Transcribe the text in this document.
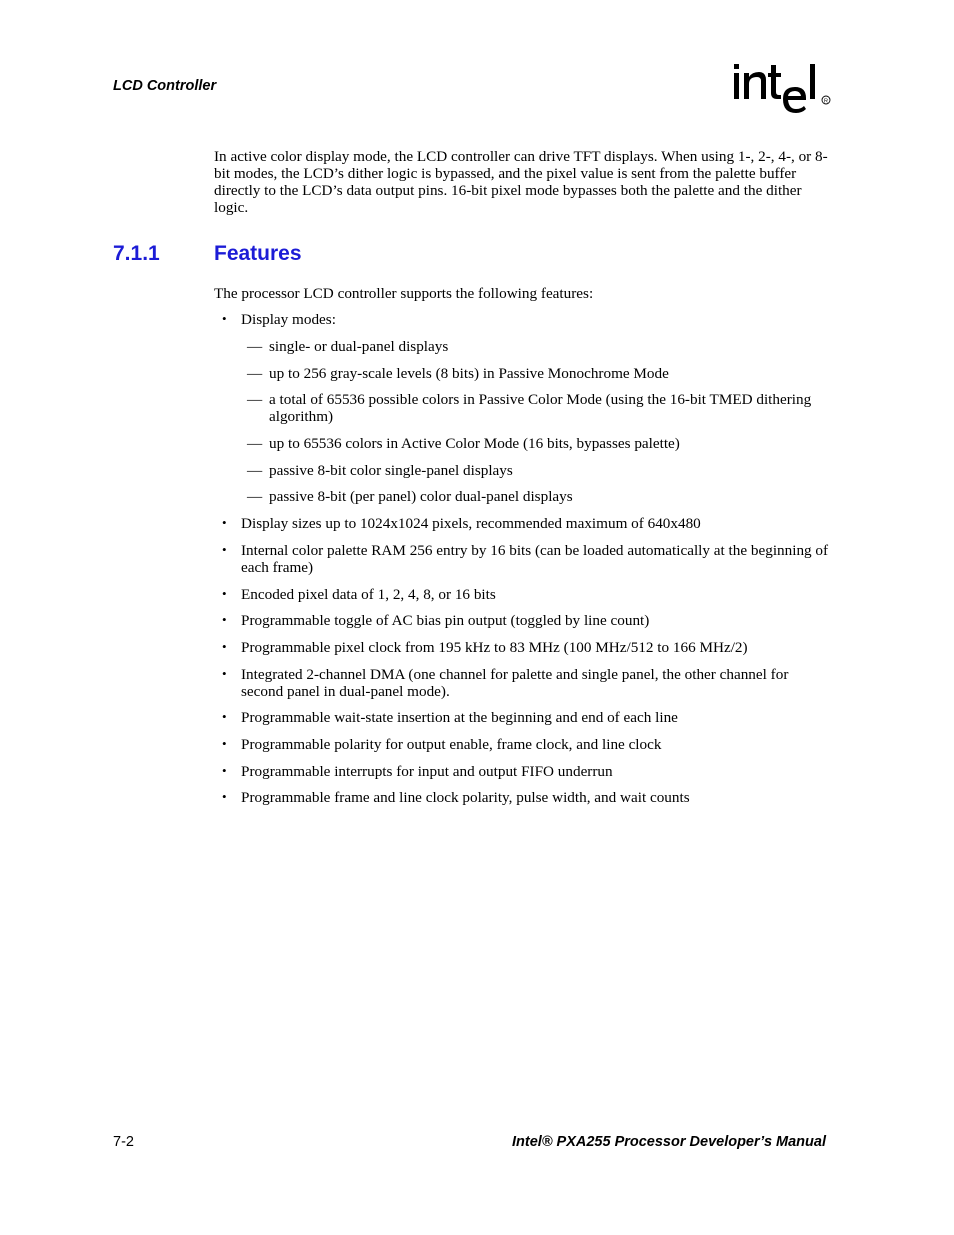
LCD Controller
R

In active color display mode, the LCD controller can drive TFT displays. When using 1-, 2-, 4-, or 8-bit modes, the LCD’s dither logic is bypassed, and the pixel value is sent from the palette buffer directly to the LCD’s data output pins. 16-bit pixel mode bypasses both the palette and the dither logic.

7.1.1	Features

The processor LCD controller supports the following features:

• Display modes:
— single- or dual-panel displays
— up to 256 gray-scale levels (8 bits) in Passive Monochrome Mode
— a total of 65536 possible colors in Passive Color Mode (using the 16-bit TMED dithering algorithm)
— up to 65536 colors in Active Color Mode (16 bits, bypasses palette)
— passive 8-bit color single-panel displays
— passive 8-bit (per panel) color dual-panel displays
• Display sizes up to 1024x1024 pixels, recommended maximum of 640x480
• Internal color palette RAM 256 entry by 16 bits (can be loaded automatically at the beginning of each frame)
• Encoded pixel data of 1, 2, 4, 8, or 16 bits
• Programmable toggle of AC bias pin output (toggled by line count)
• Programmable pixel clock from 195 kHz to 83 MHz (100 MHz/512 to 166 MHz/2)
• Integrated 2-channel DMA (one channel for palette and single panel, the other channel for second panel in dual-panel mode).
• Programmable wait-state insertion at the beginning and end of each line
• Programmable polarity for output enable, frame clock, and line clock
• Programmable interrupts for input and output FIFO underrun
• Programmable frame and line clock polarity, pulse width, and wait counts
7-2	Intel® PXA255 Processor Developer’s Manual
